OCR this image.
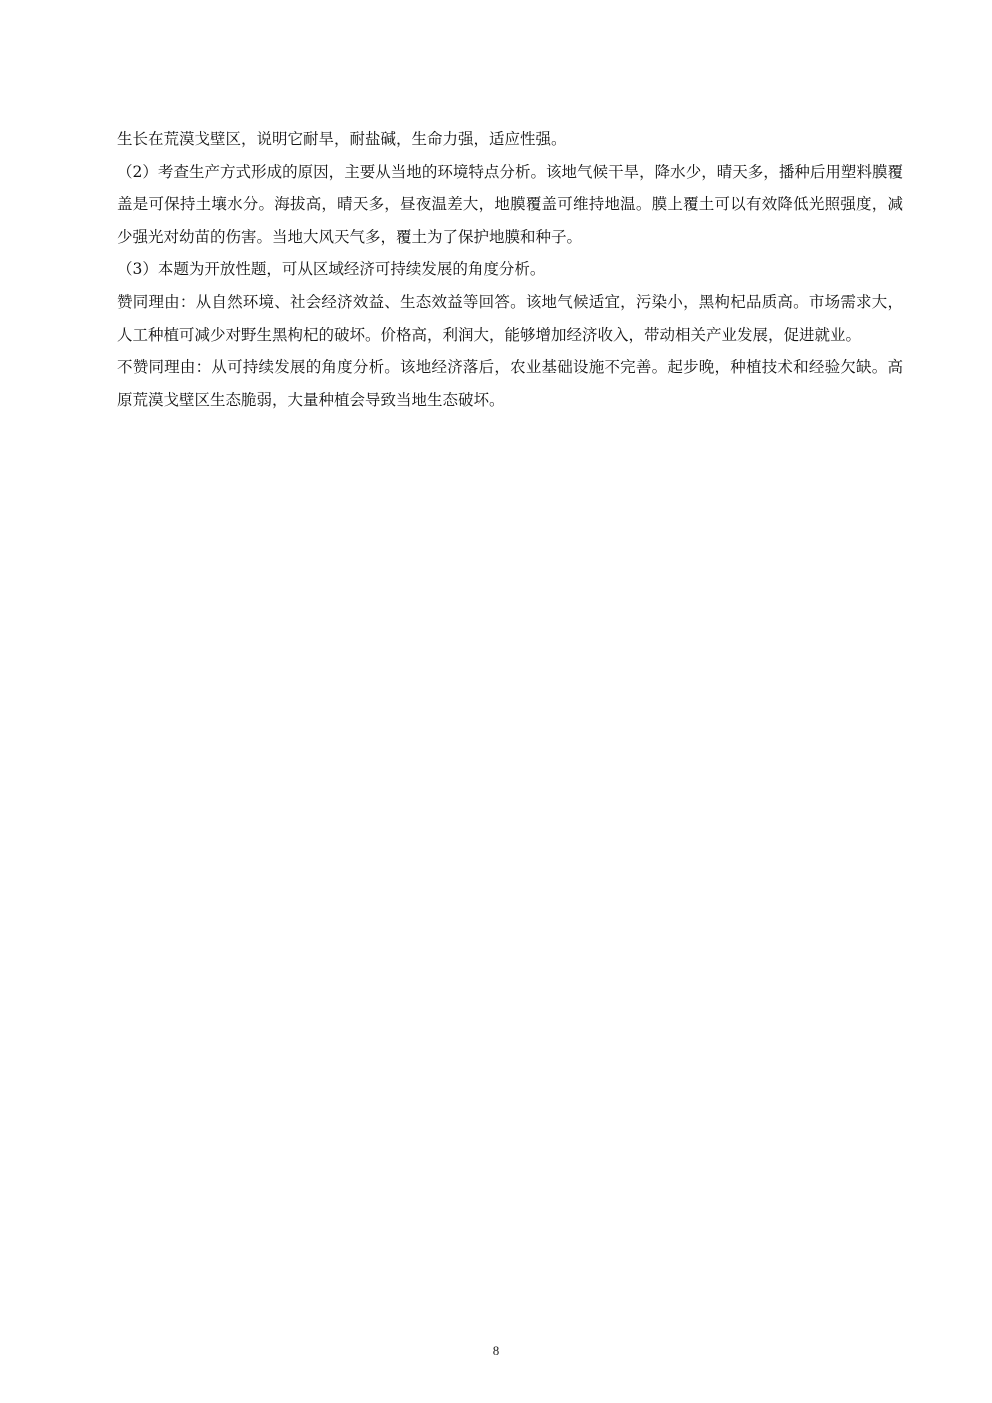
生长在荒漠戈壁区，说明它耐旱，耐盐碱，生命力强，适应性强。

（2）考查生产方式形成的原因，主要从当地的环境特点分析。该地气候干旱，降水少，晴天多，播种后用塑料膜覆盖是可保持土壤水分。海拔高，晴天多，昼夜温差大，地膜覆盖可维持地温。膜上覆土可以有效降低光照强度，减少强光对幼苗的伤害。当地大风天气多，覆土为了保护地膜和种子。

（3）本题为开放性题，可从区域经济可持续发展的角度分析。

赞同理由：从自然环境、社会经济效益、生态效益等回答。该地气候适宜，污染小，黑枸杞品质高。市场需求大，人工种植可减少对野生黑枸杞的破坏。价格高，利润大，能够增加经济收入，带动相关产业发展，促进就业。

不赞同理由：从可持续发展的角度分析。该地经济落后，农业基础设施不完善。起步晚，种植技术和经验欠缺。高原荒漠戈壁区生态脆弱，大量种植会导致当地生态破坏。

8
